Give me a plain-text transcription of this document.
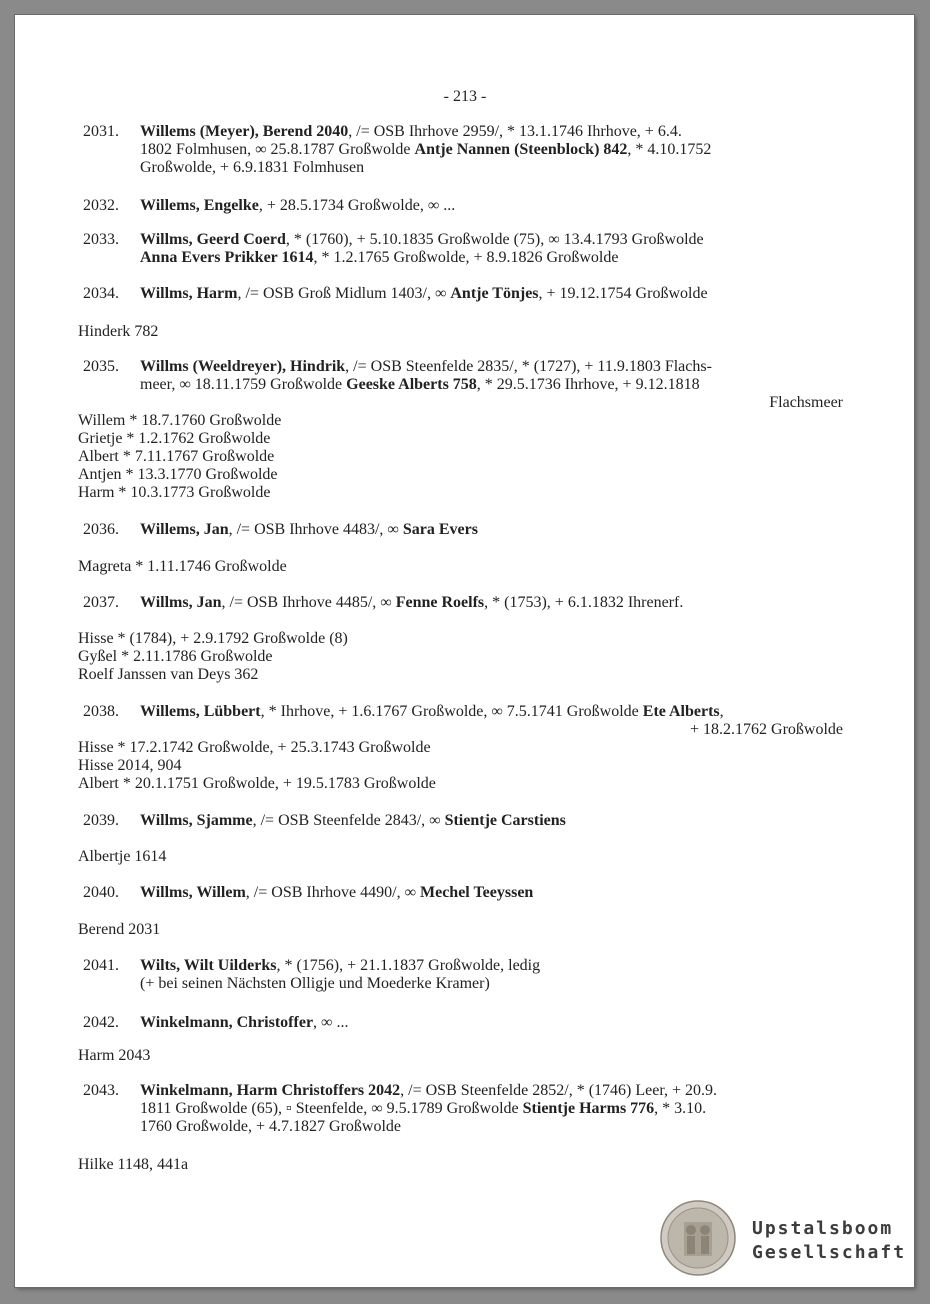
- 213 -
2031. Willems (Meyer), Berend 2040, /= OSB Ihrhove 2959/, * 13.1.1746 Ihrhove, + 6.4.
1802 Folmhusen, ∞ 25.8.1787 Großwolde Antje Nannen (Steenblock) 842, * 4.10.1752
Großwolde, + 6.9.1831 Folmhusen
2032. Willems, Engelke, + 28.5.1734 Großwolde, ∞ ...
2033. Willms, Geerd Coerd, * (1760), + 5.10.1835 Großwolde (75), ∞ 13.4.1793 Großwolde
Anna Evers Prikker 1614, * 1.2.1765 Großwolde, + 8.9.1826 Großwolde
2034. Willms, Harm, /= OSB Groß Midlum 1403/, ∞ Antje Tönjes, + 19.12.1754 Großwolde
2035. Willms (Weeldreyer), Hindrik, /= OSB Steenfelde 2835/, * (1727), + 11.9.1803 Flachs-
meer, ∞ 18.11.1759 Großwolde Geeske Alberts 758, * 29.5.1736 Ihrhove, + 9.12.1818
Flachsmeer
2036. Willems, Jan, /= OSB Ihrhove 4483/, ∞ Sara Evers
2037. Willms, Jan, /= OSB Ihrhove 4485/, ∞ Fenne Roelfs, * (1753), + 6.1.1832 Ihrenerf.
2038. Willems, Lübbert, * Ihrhove, + 1.6.1767 Großwolde, ∞ 7.5.1741 Großwolde Ete Alberts,
+ 18.2.1762 Großwolde
2039. Willms, Sjamme, /= OSB Steenfelde 2843/, ∞ Stientje Carstiens
2040. Willms, Willem, /= OSB Ihrhove 4490/, ∞ Mechel Teeyssen
2041. Wilts, Wilt Uilderks, * (1756), + 21.1.1837 Großwolde, ledig
(+ bei seinen Nächsten Olligje und Moederke Kramer)
2042. Winkelmann, Christoffer, ∞ ...
2043. Winkelmann, Harm Christoffers 2042, /= OSB Steenfelde 2852/, * (1746) Leer, + 20.9.
1811 Großwolde (65), ▫ Steenfelde, ∞ 9.5.1789 Großwolde Stientje Harms 776, * 3.10.
1760 Großwolde, + 4.7.1827 Großwolde
Hinderk 782
Willem * 18.7.1760 Großwolde
Grietje * 1.2.1762 Großwolde
Albert * 7.11.1767 Großwolde
Antjen * 13.3.1770 Großwolde
Harm * 10.3.1773 Großwolde
Magreta * 1.11.1746 Großwolde
Hisse * (1784), + 2.9.1792 Großwolde (8)
Gyßel * 2.11.1786 Großwolde
Roelf Janssen van Deys 362
Hisse * 17.2.1742 Großwolde, + 25.3.1743 Großwolde
Hisse 2014, 904
Albert * 20.1.1751 Großwolde, + 19.5.1783 Großwolde
Albertje 1614
Berend 2031
Harm 2043
Hilke 1148, 441a
Upstalsboom
Gesellschaft
